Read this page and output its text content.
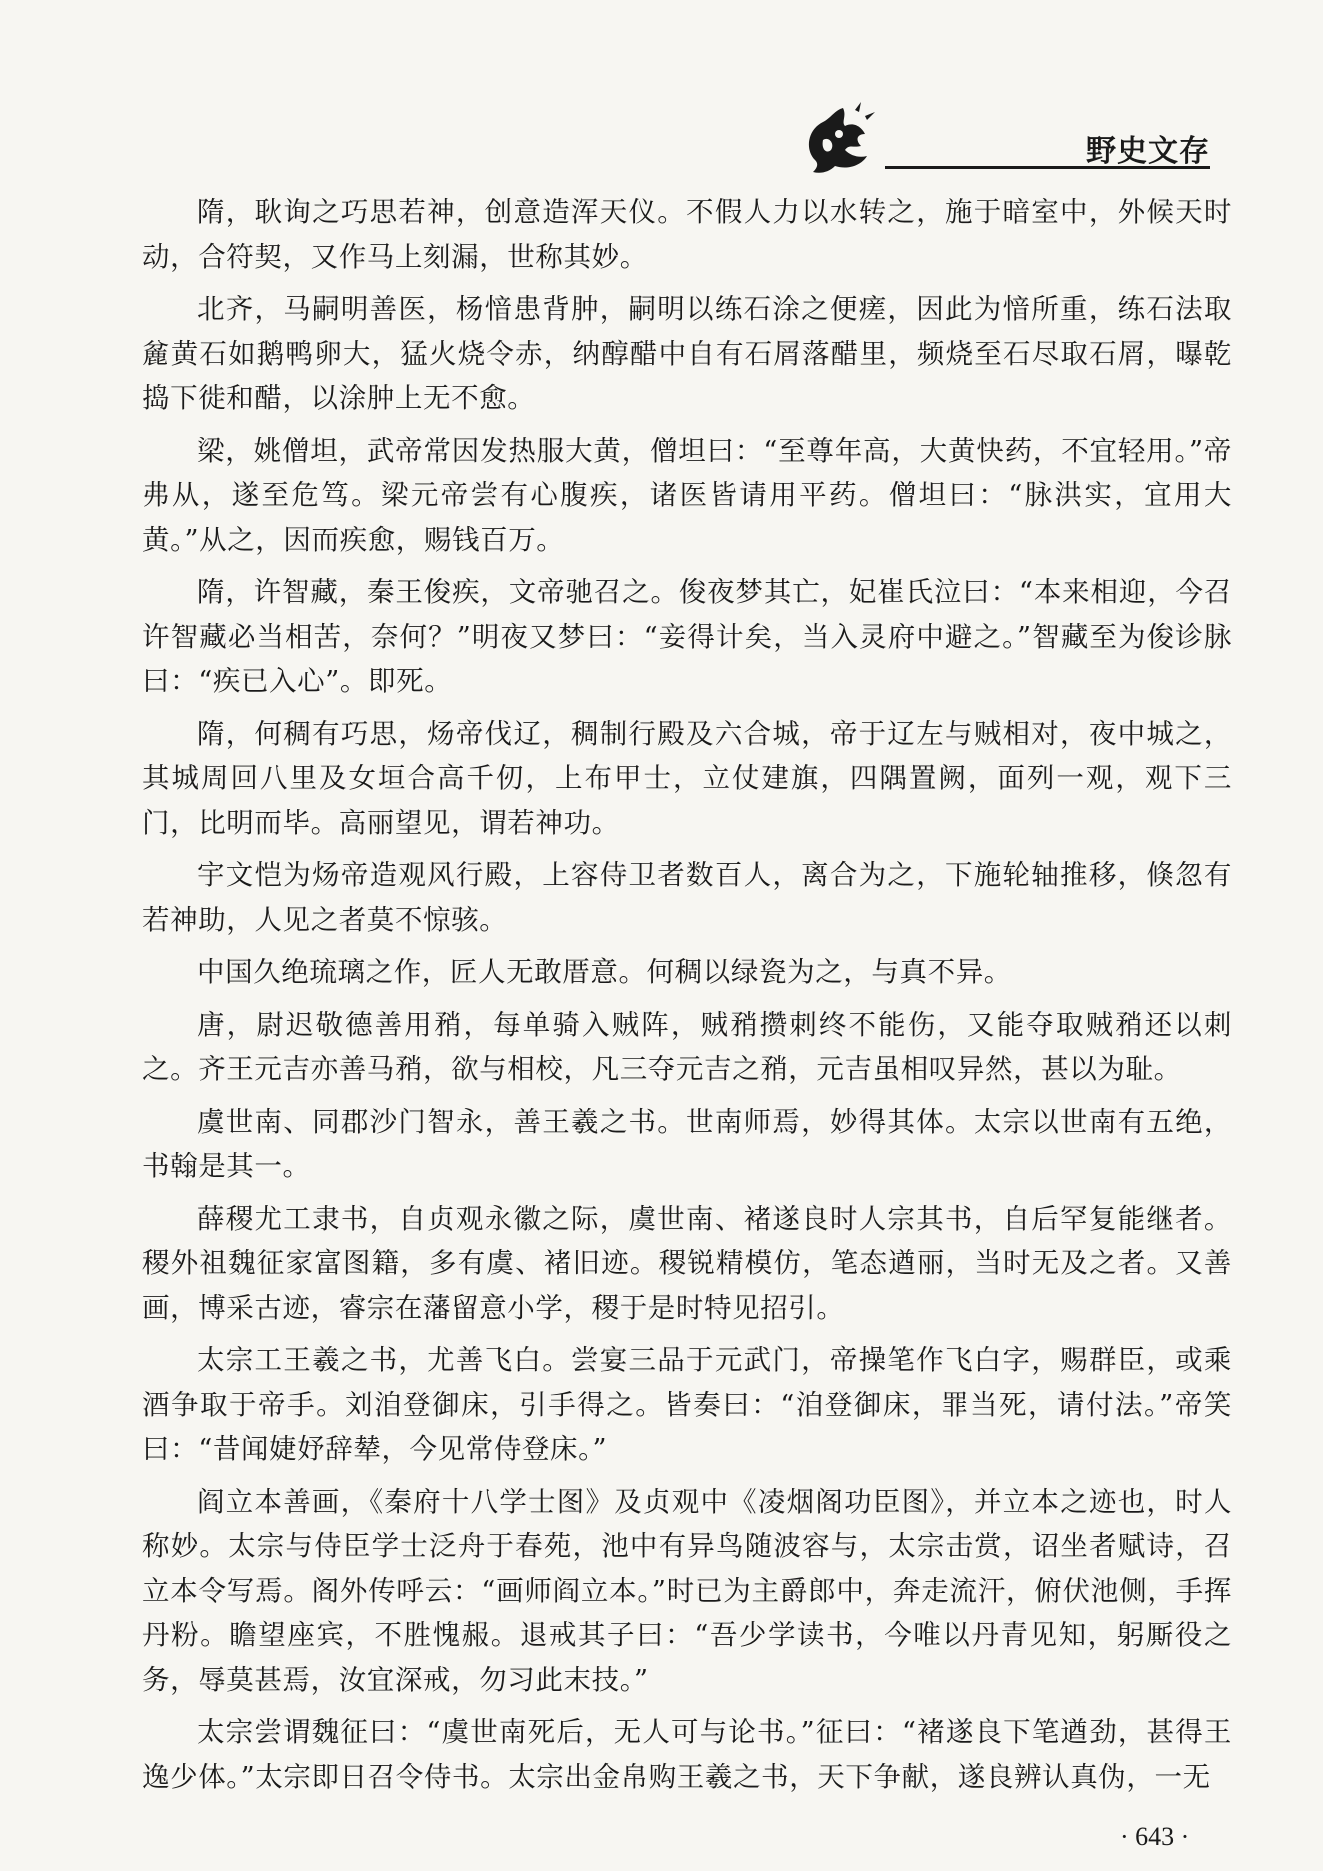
野史文存

隋，耿询之巧思若神，创意造浑天仪。不假人力以水转之，施于暗室中，外候天时动，合符契，又作马上刻漏，世称其妙。

北齐，马嗣明善医，杨愔患背肿，嗣明以练石涂之便瘥，因此为愔所重，练石法取麄黄石如鹅鸭卵大，猛火烧令赤，纳醇醋中自有石屑落醋里，频烧至石尽取石屑，曝乾捣下徙和醋，以涂肿上无不愈。

梁，姚僧坦，武帝常因发热服大黄，僧坦曰：“至尊年高，大黄快药，不宜轻用。”帝弗从，遂至危笃。梁元帝尝有心腹疾，诸医皆请用平药。僧坦曰：“脉洪实，宜用大黄。”从之，因而疾愈，赐钱百万。

隋，许智藏，秦王俊疾，文帝驰召之。俊夜梦其亡，妃崔氏泣曰：“本来相迎，今召许智藏必当相苦，奈何？”明夜又梦曰：“妾得计矣，当入灵府中避之。”智藏至为俊诊脉曰：“疾已入心”。即死。

隋，何稠有巧思，炀帝伐辽，稠制行殿及六合城，帝于辽左与贼相对，夜中城之，其城周回八里及女垣合高千仞，上布甲士，立仗建旗，四隅置阙，面列一观，观下三门，比明而毕。高丽望见，谓若神功。

宇文恺为炀帝造观风行殿，上容侍卫者数百人，离合为之，下施轮轴推移，倏忽有若神助，人见之者莫不惊骇。

中国久绝琉璃之作，匠人无敢厝意。何稠以绿瓷为之，与真不异。

唐，尉迟敬德善用矟，每单骑入贼阵，贼矟攒刺终不能伤，又能夺取贼矟还以刺之。齐王元吉亦善马矟，欲与相校，凡三夺元吉之矟，元吉虽相叹异然，甚以为耻。

虞世南、同郡沙门智永，善王羲之书。世南师焉，妙得其体。太宗以世南有五绝，书翰是其一。

薛稷尤工隶书，自贞观永徽之际，虞世南、褚遂良时人宗其书，自后罕复能继者。稷外祖魏征家富图籍，多有虞、褚旧迹。稷锐精模仿，笔态遒丽，当时无及之者。又善画，博采古迹，睿宗在藩留意小学，稷于是时特见招引。

太宗工王羲之书，尤善飞白。尝宴三品于元武门，帝操笔作飞白字，赐群臣，或乘酒争取于帝手。刘洎登御床，引手得之。皆奏曰：“洎登御床，罪当死，请付法。”帝笑曰：“昔闻婕妤辞辇，今见常侍登床。”

阎立本善画，《秦府十八学士图》及贞观中《凌烟阁功臣图》，并立本之迹也，时人称妙。太宗与侍臣学士泛舟于春苑，池中有异鸟随波容与，太宗击赏，诏坐者赋诗，召立本令写焉。阁外传呼云：“画师阎立本。”时已为主爵郎中，奔走流汗，俯伏池侧，手挥丹粉。瞻望座宾，不胜愧赧。退戒其子曰：“吾少学读书，今唯以丹青见知，躬厮役之务，辱莫甚焉，汝宜深戒，勿习此末技。”

太宗尝谓魏征曰：“虞世南死后，无人可与论书。”征曰：“褚遂良下笔遒劲，甚得王逸少体。”太宗即日召令侍书。太宗出金帛购王羲之书，天下争献，遂良辨认真伪，一无

· 643 ·
